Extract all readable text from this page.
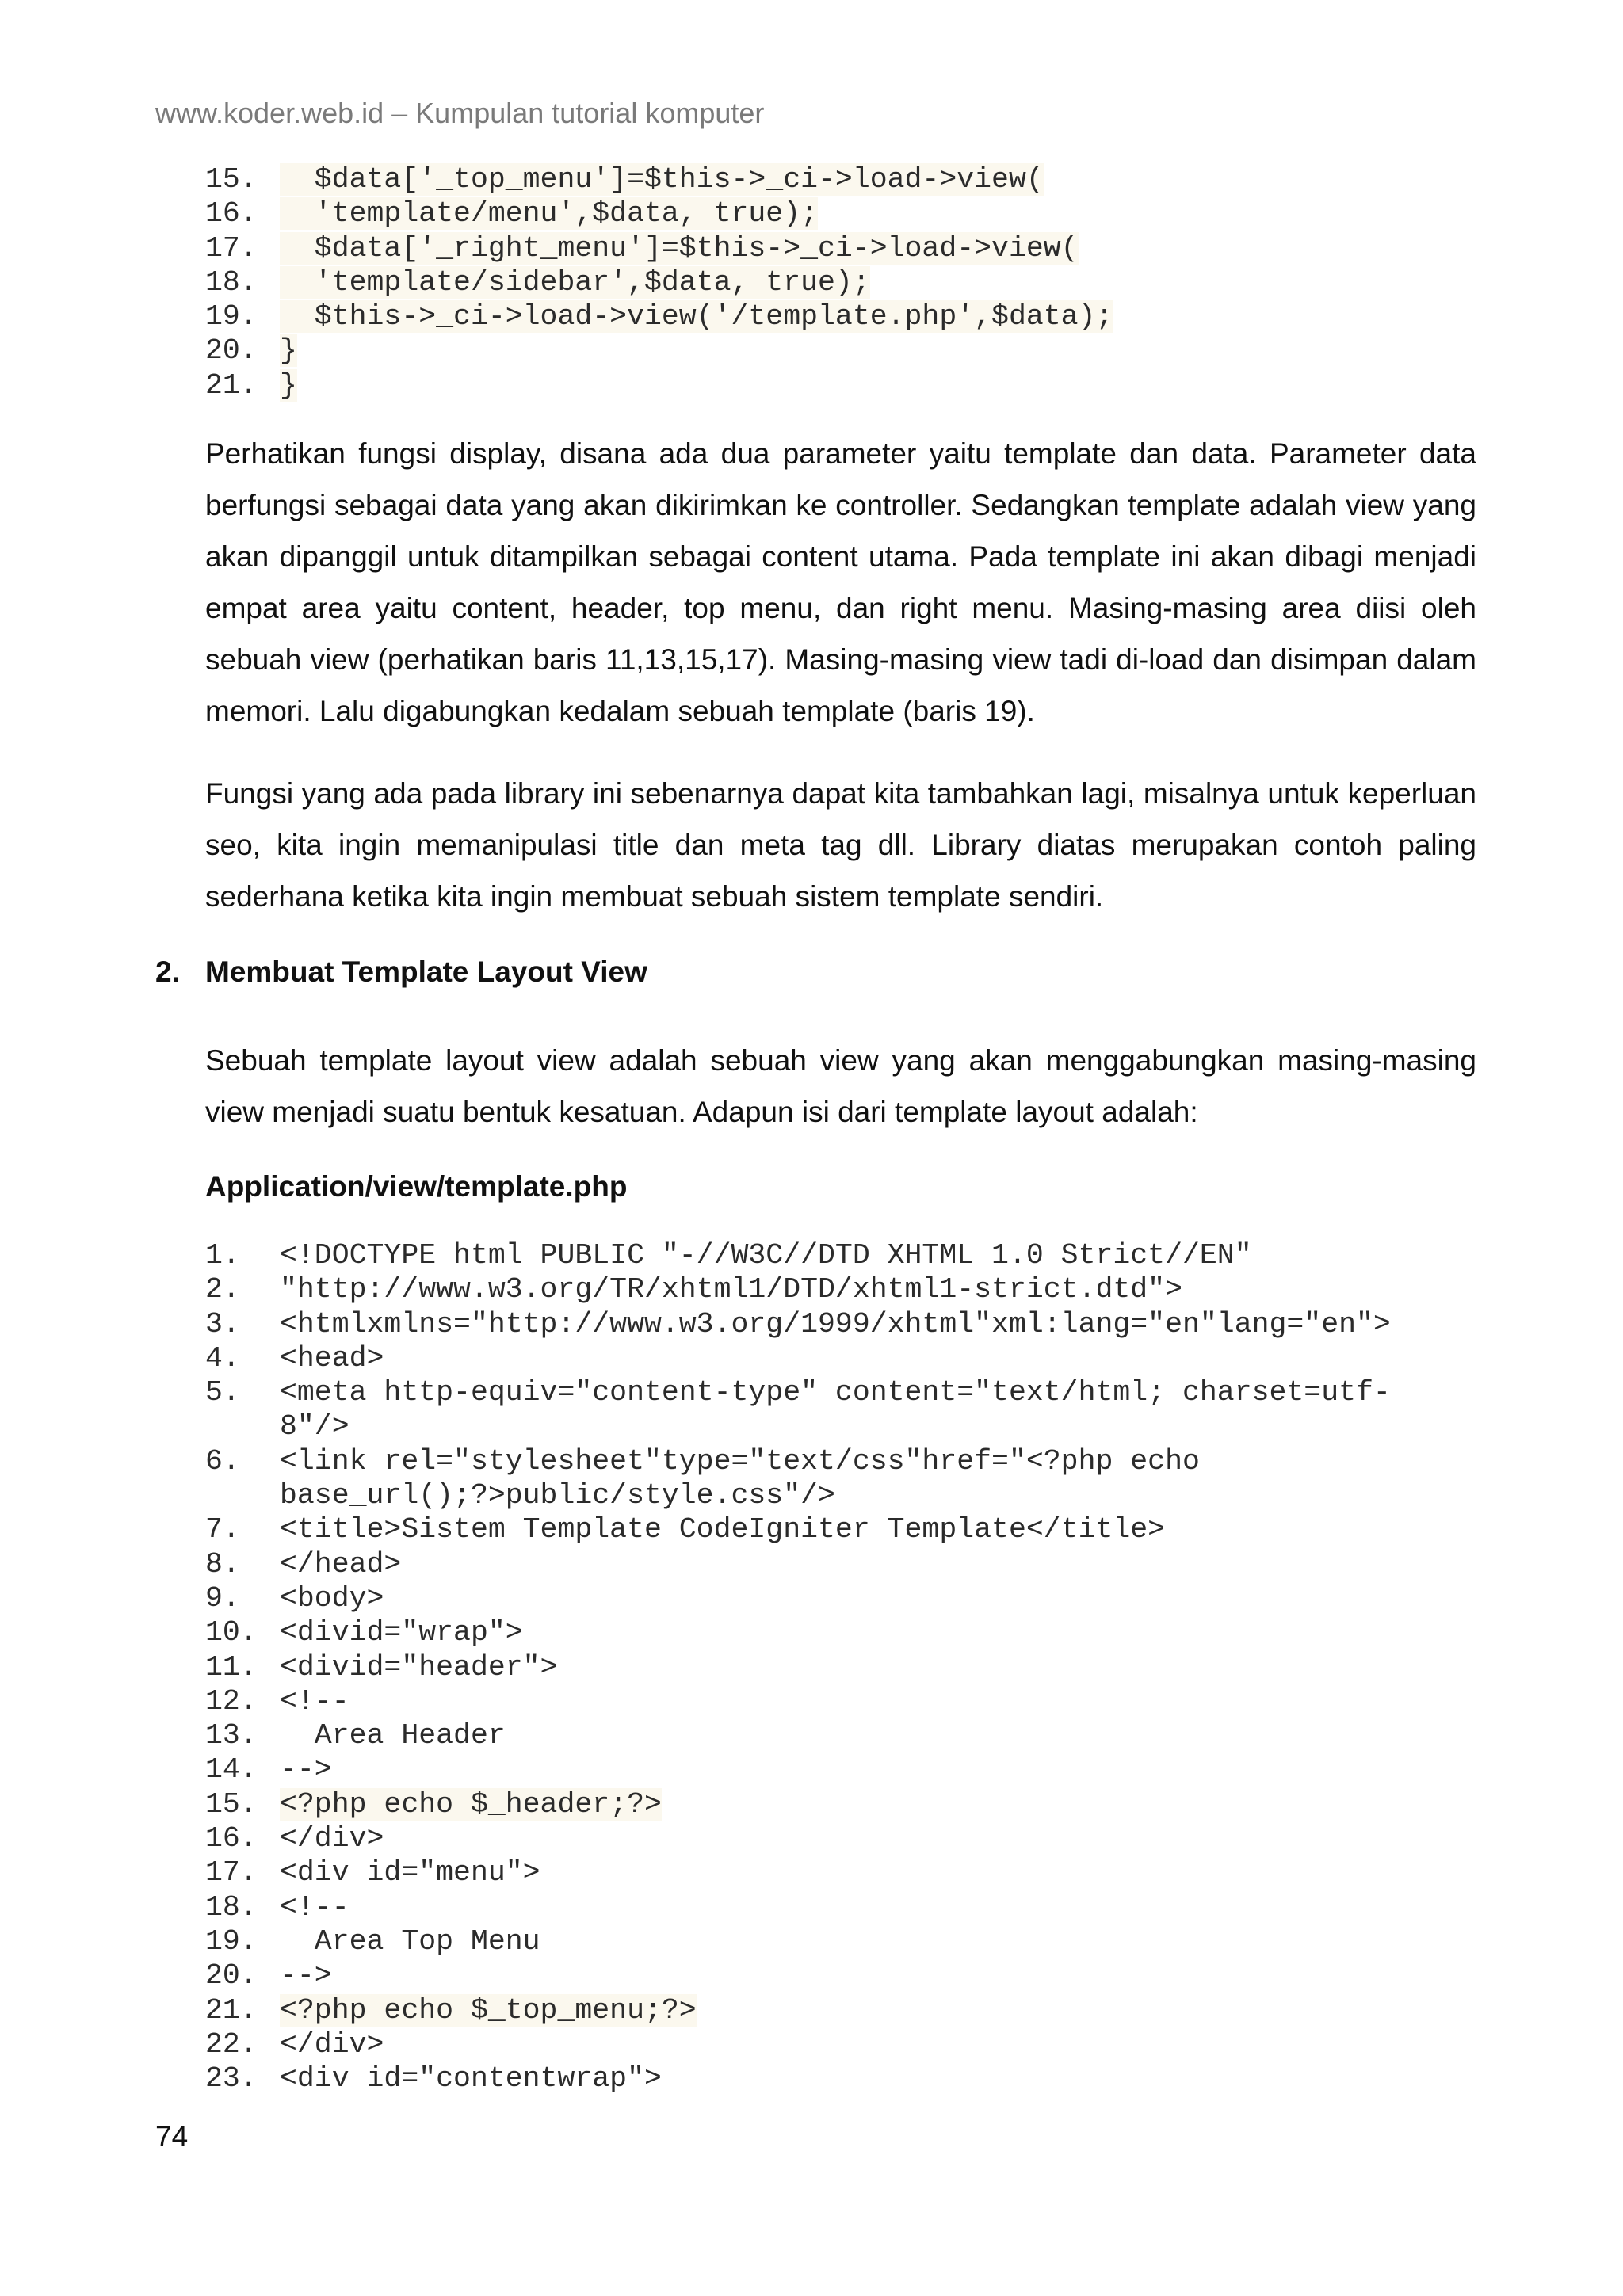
www.koder.web.id – Kumpulan tutorial komputer
15.  $data['_top_menu']=$this->_ci->load->view(
16.  'template/menu',$data, true);
17.  $data['_right_menu']=$this->_ci->load->view(
18.  'template/sidebar',$data, true);
19.  $this->_ci->load->view('/template.php',$data);
20. }
21. }

Perhatikan fungsi display, disana ada dua parameter yaitu template dan data. Parameter data berfungsi sebagai data yang akan dikirimkan ke controller. Sedangkan template adalah view yang akan dipanggil untuk ditampilkan sebagai content utama. Pada template ini akan dibagi menjadi empat area yaitu content, header, top menu, dan right menu. Masing-masing area diisi oleh sebuah view (perhatikan baris 11,13,15,17). Masing-masing view tadi di-load dan disimpan dalam memori. Lalu digabungkan kedalam sebuah template (baris 19).

Fungsi yang ada pada library ini sebenarnya dapat kita tambahkan lagi, misalnya untuk keperluan seo, kita ingin memanipulasi title dan meta tag dll. Library diatas merupakan contoh paling sederhana ketika kita ingin membuat sebuah sistem template sendiri.

2. Membuat Template Layout View

Sebuah template layout view adalah sebuah view yang akan menggabungkan masing-masing view menjadi suatu bentuk kesatuan. Adapun isi dari template layout adalah:

Application/view/template.php
1. <!DOCTYPE html PUBLIC "-//W3C//DTD XHTML 1.0 Strict//EN"
2. "http://www.w3.org/TR/xhtml1/DTD/xhtml1-strict.dtd">
3. <htmlxmlns="http://www.w3.org/1999/xhtml"xml:lang="en"lang="en">
4. <head>
5. <meta http-equiv="content-type" content="text/html; charset=utf-
8"/>
6. <link rel="stylesheet"type="text/css"href="<?php echo
base_url();?>public/style.css"/>
7. <title>Sistem Template CodeIgniter Template</title>
8. </head>
9. <body>
10. <divid="wrap">
11. <divid="header">
12. <!--
13.  Area Header
14. -->
15. <?php echo $_header;?>
16. </div>
17. <div id="menu">
18. <!--
19.  Area Top Menu
20. -->
21. <?php echo $_top_menu;?>
22. </div>
23. <div id="contentwrap">
74
